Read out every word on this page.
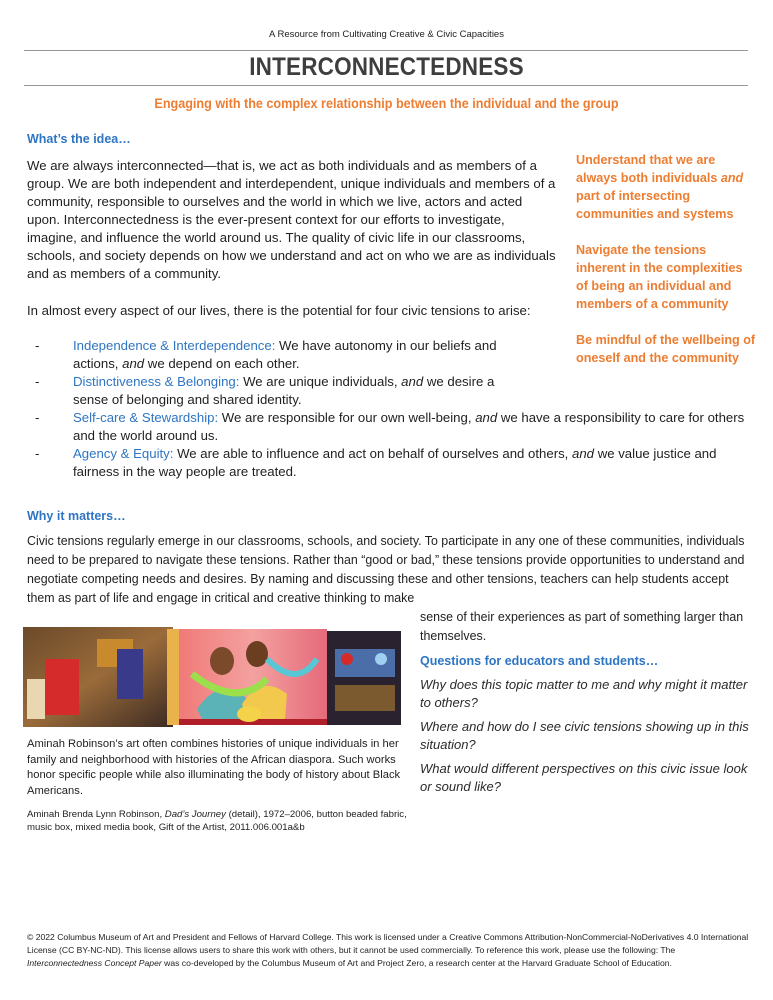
A Resource from Cultivating Creative & Civic Capacities
INTERCONNECTEDNESS
Engaging with the complex relationship between the individual and the group
What’s the idea…
We are always interconnected—that is, we act as both individuals and as members of a group. We are both independent and interdependent, unique individuals and members of a community, responsible to ourselves and the world in which we live, actors and acted upon. Interconnectedness is the ever-present context for our efforts to investigate, imagine, and influence the world around us. The quality of civic life in our classrooms, schools, and society depends on how we understand and act on who we are as individuals and as members of a community.
In almost every aspect of our lives, there is the potential for four civic tensions to arise:
-	Independence & Interdependence: We have autonomy in our beliefs and actions, and we depend on each other.
-	Distinctiveness & Belonging: We are unique individuals, and we desire a sense of belonging and shared identity.
-	Self-care & Stewardship: We are responsible for our own well-being, and we have a responsibility to care for others and the world around us.
-	Agency & Equity: We are able to influence and act on behalf of ourselves and others, and we value justice and fairness in the way people are treated.

Understand that we are always both individuals and part of intersecting communities and systems

Navigate the tensions inherent in the complexities of being an individual and members of a community

Be mindful of the wellbeing of oneself and the community

Why it matters…
Civic tensions regularly emerge in our classrooms, schools, and society. To participate in any one of these communities, individuals need to be prepared to navigate these tensions. Rather than “good or bad,” these tensions provide opportunities to understand and negotiate competing needs and desires. By naming and discussing these and other tensions, teachers can help students accept them as part of life and engage in critical and creative thinking to make
sense of their experiences as part of something larger than themselves.
Aminah Robinson’s art often combines histories of unique individuals in her family and neighborhood with histories of the African diaspora. Such works honor specific people while also illuminating the body of history about Black Americans.
Aminah Brenda Lynn Robinson, Dad’s Journey (detail), 1972–2006, button beaded fabric, music box, mixed media book, Gift of the Artist, 2011.006.001a&b
Questions for educators and students…

Why does this topic matter to me and why might it matter to others?

Where and how do I see civic tensions showing up in this situation?

What would different perspectives on this civic issue look or sound like?

© 2022 Columbus Museum of Art and President and Fellows of Harvard College. This work is licensed under a Creative Commons Attribution-NonCommercial-NoDerivatives 4.0 International License (CC BY-NC-ND). This license allows users to share this work with others, but it cannot be used commercially. To reference this work, please use the following: The Interconnectedness Concept Paper was co-developed by the Columbus Museum of Art and Project Zero, a research center at the Harvard Graduate School of Education.
